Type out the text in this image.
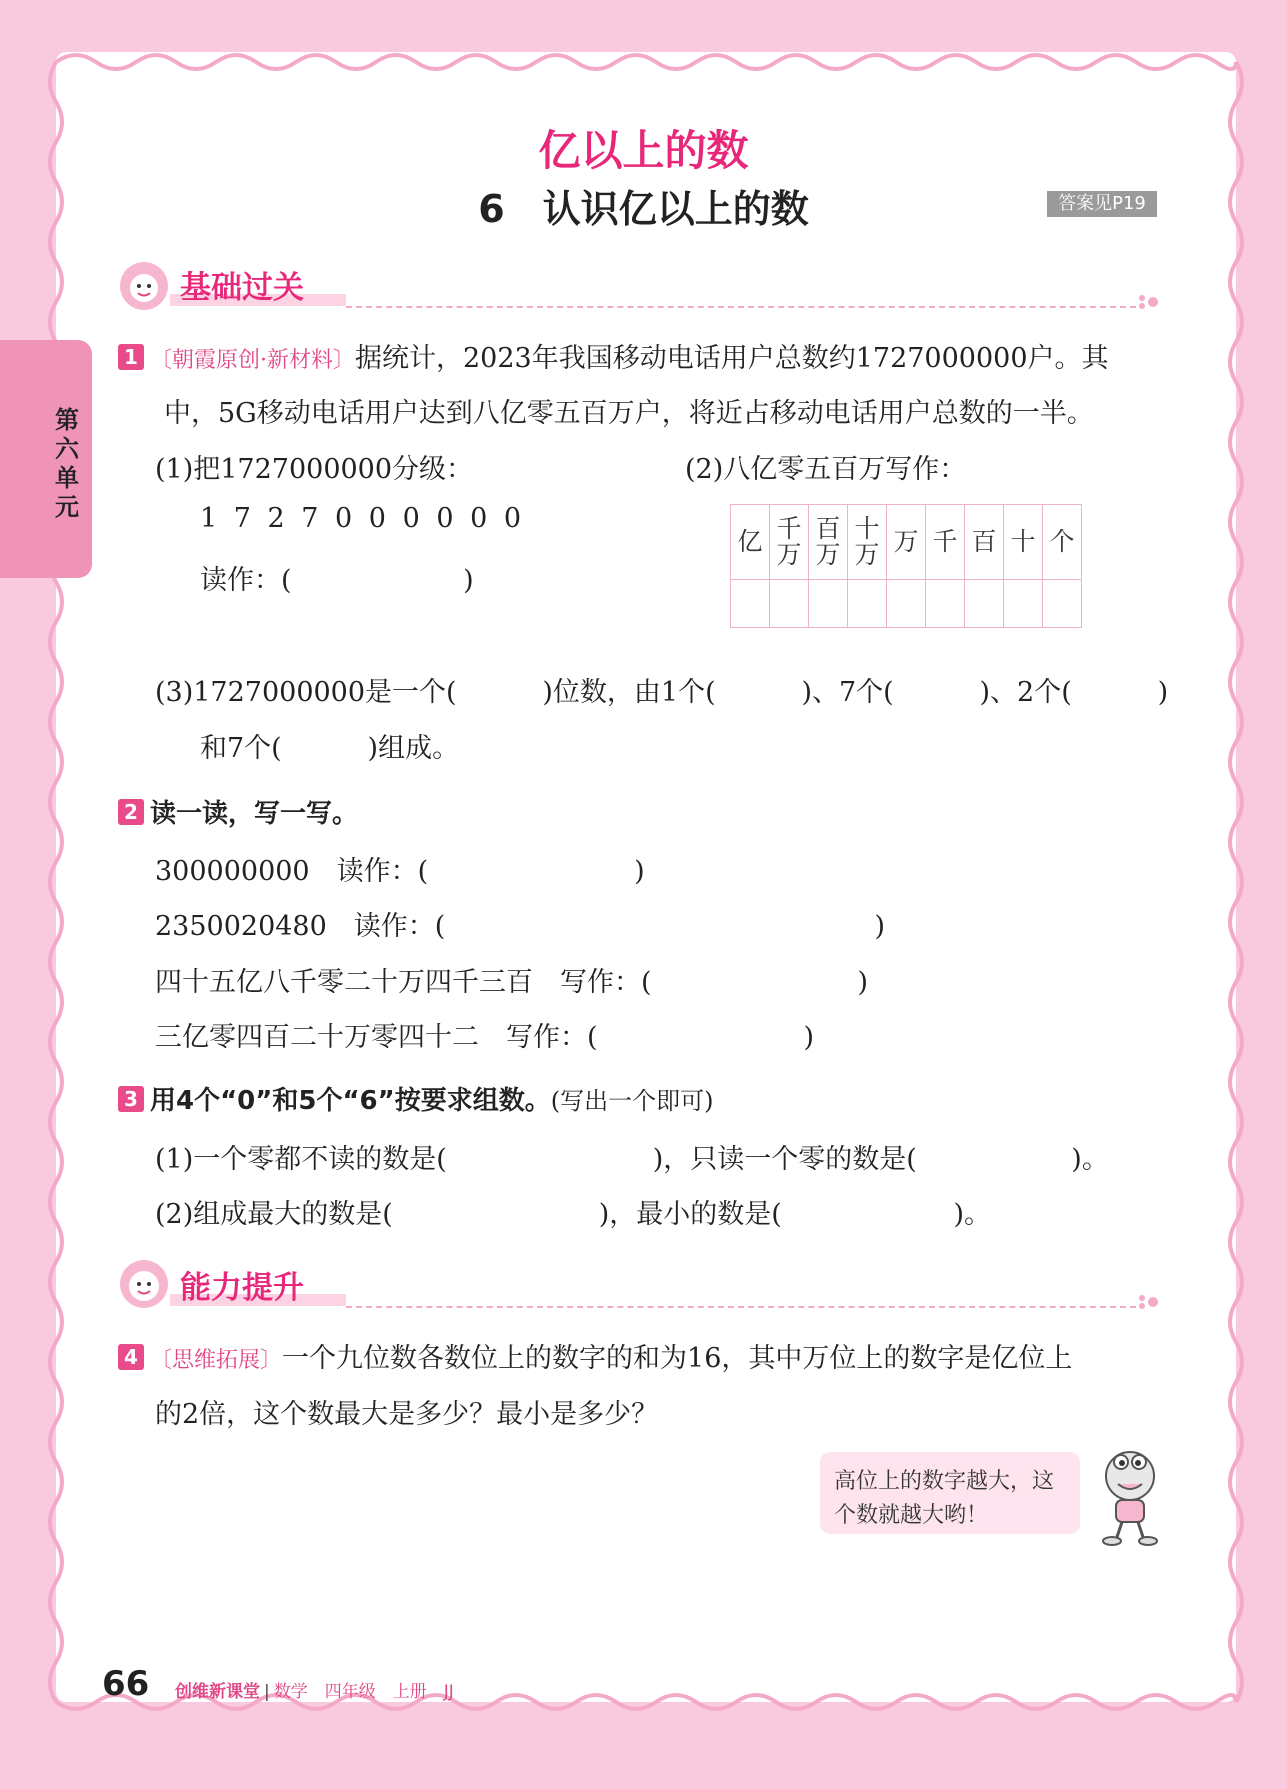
第六单元
亿以上的数
6　认识亿以上的数	答案见P19
基础过关
1 〔朝霞原创·新材料〕据统计，2023年我国移动电话用户总数约1727000000户。其
中，5G移动电话用户达到八亿零五百万户，将近占移动电话用户总数的一半。
(1)把1727000000分级：
1 7 2 7 0 0 0 0 0 0
读作：(                    )
(2)八亿零五百万写作：
亿	千万	百万	十万	万	千	百	十	个

(3)1727000000是一个(          )位数，由1个(          )、7个(          )、2个(          )
和7个(          )组成。
2 读一读，写一写。
300000000　读作：(                        )
2350020480　读作：(                                                  )
四十五亿八千零二十万四千三百　写作：(                        )
三亿零四百二十万零四十二　写作：(                        )
3 用4个“0”和5个“6”按要求组数。(写出一个即可)
(1)一个零都不读的数是(                        )，只读一个零的数是(                  )。
(2)组成最大的数是(                        )，最小的数是(                    )。
能力提升
4 〔思维拓展〕一个九位数各数位上的数字的和为16，其中万位上的数字是亿位上
的2倍，这个数最大是多少？最小是多少？
高位上的数字越大，这
个数就越大哟！
66 创维新课堂 | 数学　四年级　上册　JJ
